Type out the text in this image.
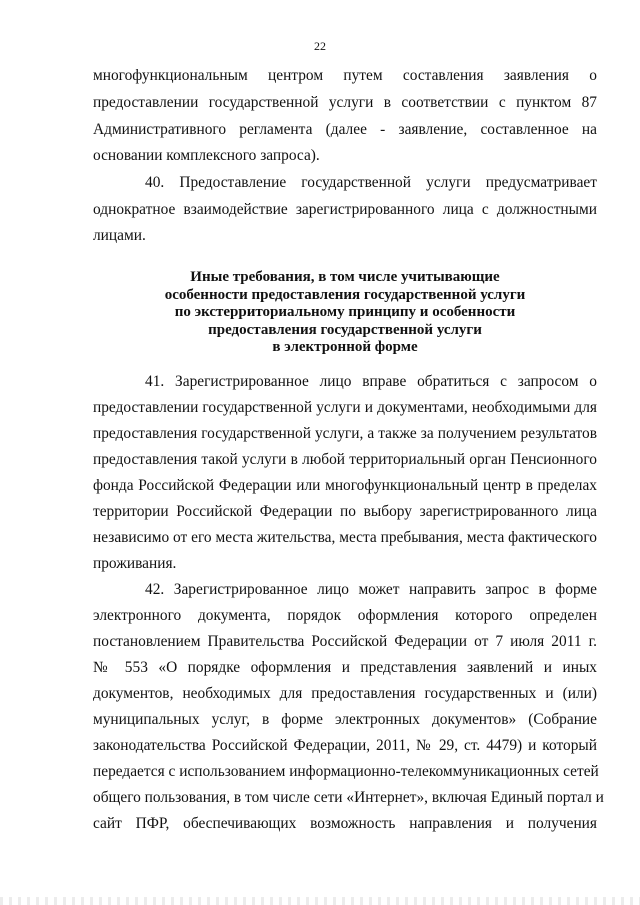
22
многофункциональным центром путем составления заявления о
предоставлении государственной услуги в соответствии с пунктом 87
Административного регламента (далее - заявление, составленное на
основании комплексного запроса).
40. Предоставление государственной услуги предусматривает
однократное взаимодействие зарегистрированного лица с должностными
лицами.
Иные требования, в том числе учитывающие
особенности предоставления государственной услуги
по экстерриториальному принципу и особенности
предоставления государственной услуги
в электронной форме
41. Зарегистрированное лицо вправе обратиться с запросом о
предоставлении государственной услуги и документами, необходимыми для
предоставления государственной услуги, а также за получением результатов
предоставления такой услуги в любой территориальный орган Пенсионного
фонда Российской Федерации или многофункциональный центр в пределах
территории Российской Федерации по выбору зарегистрированного лица
независимо от его места жительства, места пребывания, места фактического
проживания.
42. Зарегистрированное лицо может направить запрос в форме
электронного документа, порядок оформления которого определен
постановлением Правительства Российской Федерации от 7 июля 2011 г.
№ 553 «О порядке оформления и представления заявлений и иных
документов, необходимых для предоставления государственных и (или)
муниципальных услуг, в форме электронных документов» (Собрание
законодательства Российской Федерации, 2011, № 29, ст. 4479) и который
передается с использованием информационно-телекоммуникационных сетей
общего пользования, в том числе сети «Интернет», включая Единый портал и
сайт ПФР, обеспечивающих возможность направления и получения
